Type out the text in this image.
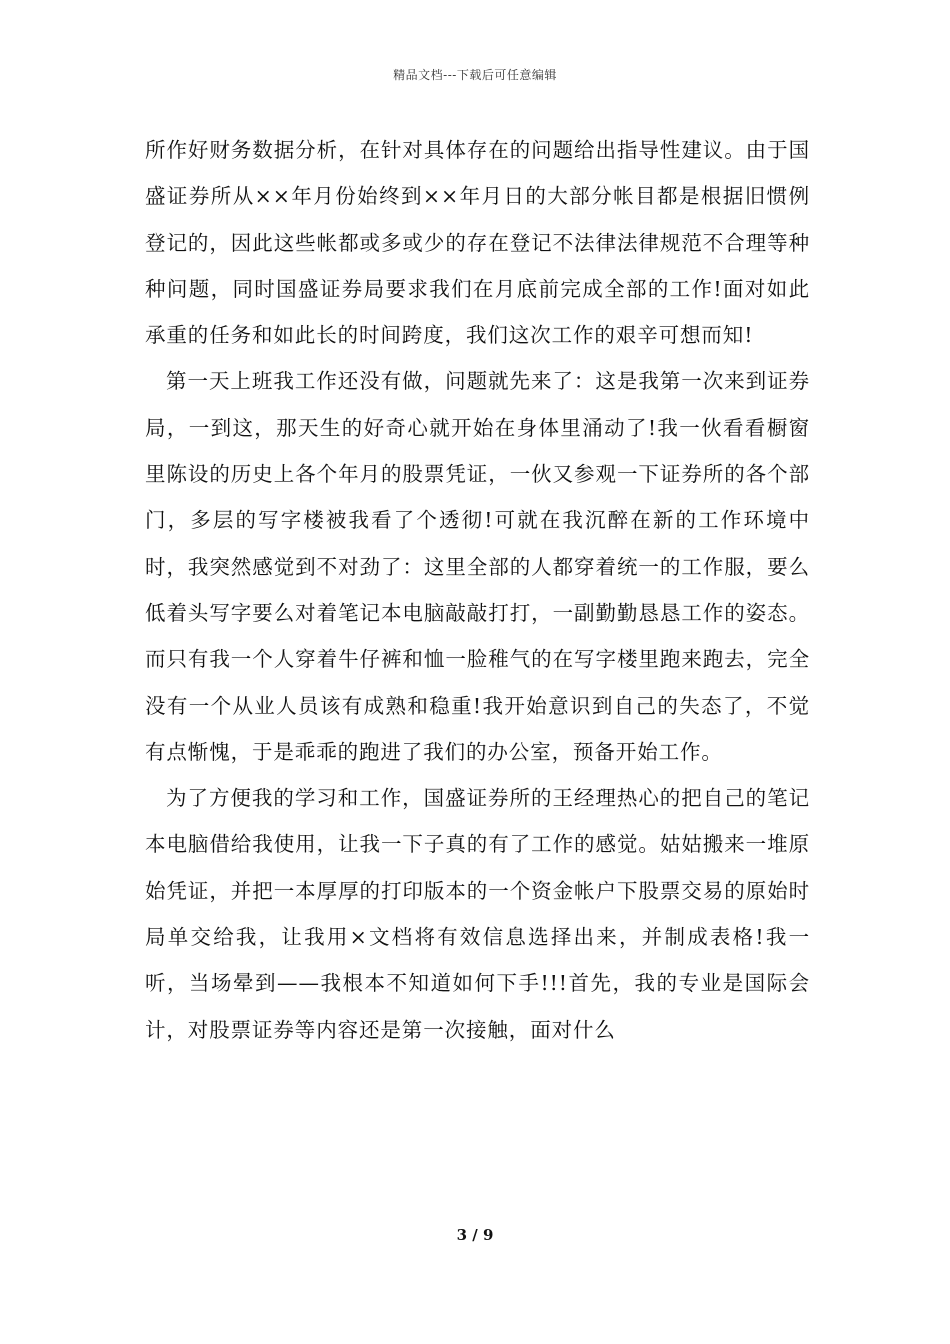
精品文档---下载后可任意编辑

所作好财务数据分析，在针对具体存在的问题给出指导性建议。由于国盛证券所从××年月份始终到××年月日的大部分帐目都是根据旧惯例登记的，因此这些帐都或多或少的存在登记不法律法律规范不合理等种种问题，同时国盛证券局要求我们在月底前完成全部的工作!面对如此承重的任务和如此长的时间跨度，我们这次工作的艰辛可想而知!

第一天上班我工作还没有做，问题就先来了：这是我第一次来到证券局，一到这，那天生的好奇心就开始在身体里涌动了!我一伙看看橱窗里陈设的历史上各个年月的股票凭证，一伙又参观一下证券所的各个部门，多层的写字楼被我看了个透彻!可就在我沉醉在新的工作环境中时，我突然感觉到不对劲了：这里全部的人都穿着统一的工作服，要么低着头写字要么对着笔记本电脑敲敲打打，一副勤勤恳恳工作的姿态。而只有我一个人穿着牛仔裤和恤一脸稚气的在写字楼里跑来跑去，完全没有一个从业人员该有成熟和稳重!我开始意识到自己的失态了，不觉有点惭愧，于是乖乖的跑进了我们的办公室，预备开始工作。

为了方便我的学习和工作，国盛证券所的王经理热心的把自己的笔记本电脑借给我使用，让我一下子真的有了工作的感觉。姑姑搬来一堆原始凭证，并把一本厚厚的打印版本的一个资金帐户下股票交易的原始时局单交给我，让我用×文档将有效信息选择出来，并制成表格!我一听，当场晕到——我根本不知道如何下手!!!首先，我的专业是国际会计，对股票证券等内容还是第一次接触，面对什么

3 / 9
